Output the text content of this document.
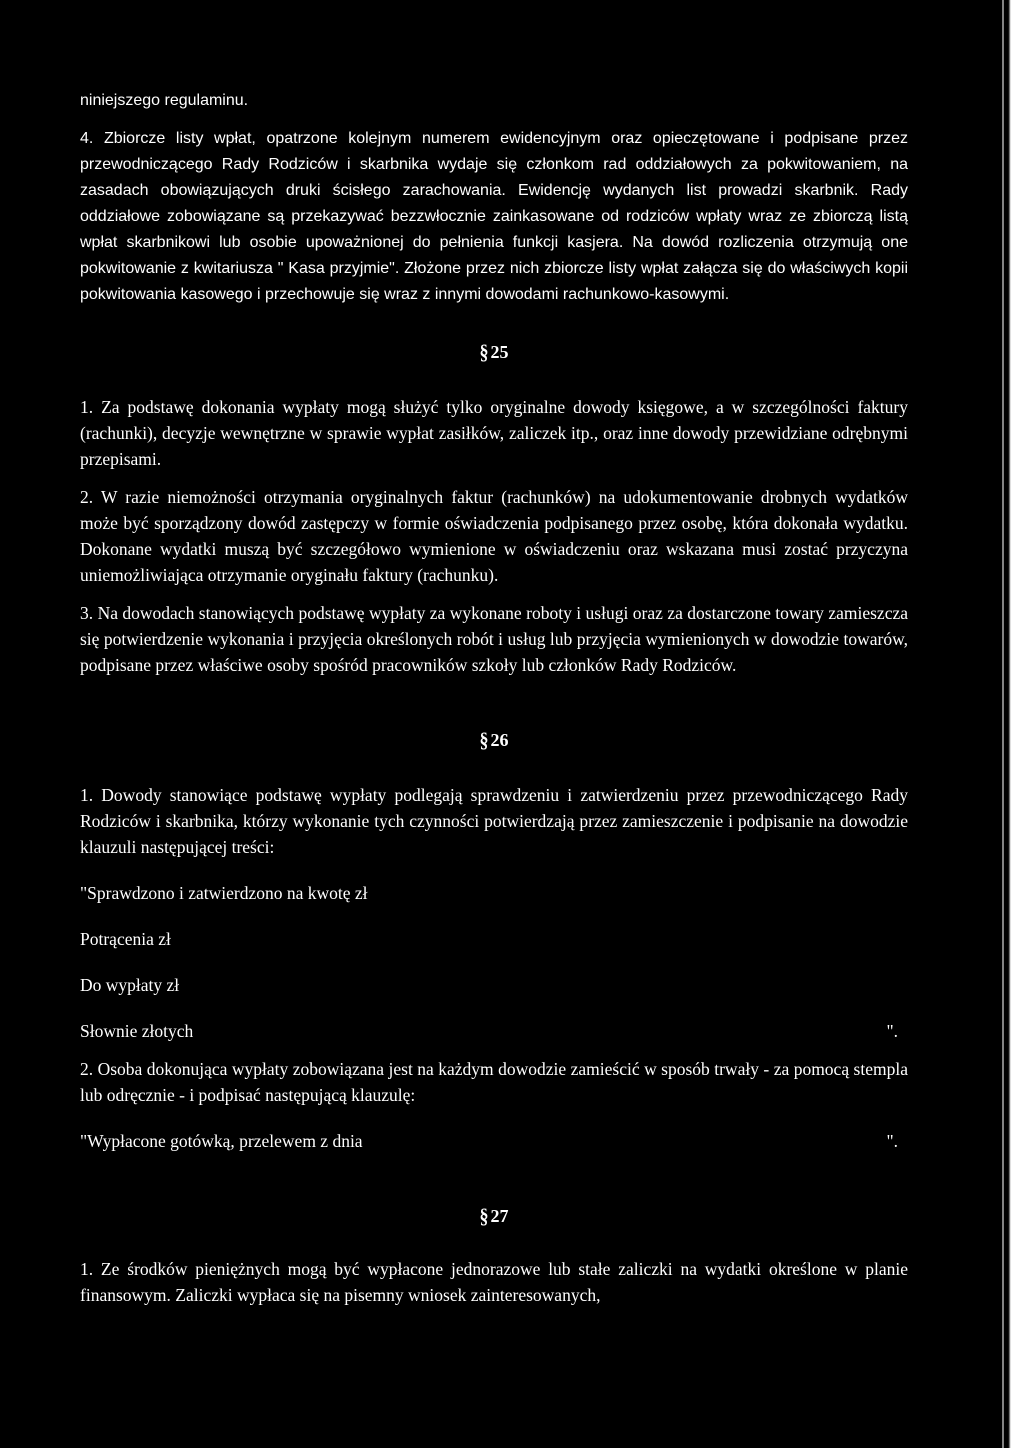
niniejszego regulaminu.

4. Zbiorcze listy wpłat, opatrzone kolejnym numerem ewidencyjnym oraz opieczętowane i podpisane przez przewodniczącego Rady Rodziców i skarbnika wydaje się członkom rad oddziałowych za pokwitowaniem, na zasadach obowiązujących druki ścisłego zarachowania. Ewidencję wydanych list prowadzi skarbnik. Rady oddziałowe zobowiązane są przekazywać bezzwłocznie zainkasowane od rodziców wpłaty wraz ze zbiorczą listą wpłat skarbnikowi lub osobie upoważnionej do pełnienia funkcji kasjera. Na dowód rozliczenia otrzymują one pokwitowanie z kwitariusza " Kasa przyjmie". Złożone przez nich zbiorcze listy wpłat załącza się do właściwych kopii pokwitowania kasowego i przechowuje się wraz z innymi dowodami rachunkowo-kasowymi.

§ 25

1. Za podstawę dokonania wypłaty mogą służyć tylko oryginalne dowody księgowe, a w szczególności faktury (rachunki), decyzje wewnętrzne w sprawie wypłat zasiłków, zaliczek itp., oraz inne dowody przewidziane odrębnymi przepisami.

2. W razie niemożności otrzymania oryginalnych faktur (rachunków) na udokumentowanie drobnych wydatków może być sporządzony dowód zastępczy w formie oświadczenia podpisanego przez osobę, która dokonała wydatku. Dokonane wydatki muszą być szczegółowo wymienione w oświadczeniu oraz wskazana musi zostać przyczyna uniemożliwiająca otrzymanie oryginału faktury (rachunku).

3. Na dowodach stanowiących podstawę wypłaty za wykonane roboty i usługi oraz za dostarczone towary zamieszcza się potwierdzenie wykonania i przyjęcia określonych robót i usług lub przyjęcia wymienionych w dowodzie towarów, podpisane przez właściwe osoby spośród pracowników szkoły lub członków Rady Rodziców.

§ 26

1. Dowody stanowiące podstawę wypłaty podlegają sprawdzeniu i zatwierdzeniu przez przewodniczącego Rady Rodziców i skarbnika, którzy wykonanie tych czynności potwierdzają przez zamieszczenie i podpisanie na dowodzie klauzuli następującej treści:

"Sprawdzono i zatwierdzono na kwotę zł

Potrącenia zł

Do wypłaty zł

Słownie złotych	".

2. Osoba dokonująca wypłaty zobowiązana jest na każdym dowodzie zamieścić w sposób trwały - za pomocą stempla lub odręcznie - i podpisać następującą klauzulę:

"Wypłacone gotówką, przelewem z dnia	".

§ 27

1. Ze środków pieniężnych mogą być wypłacone jednorazowe lub stałe zaliczki na wydatki określone w planie finansowym. Zaliczki wypłaca się na pisemny wniosek zainteresowanych,
